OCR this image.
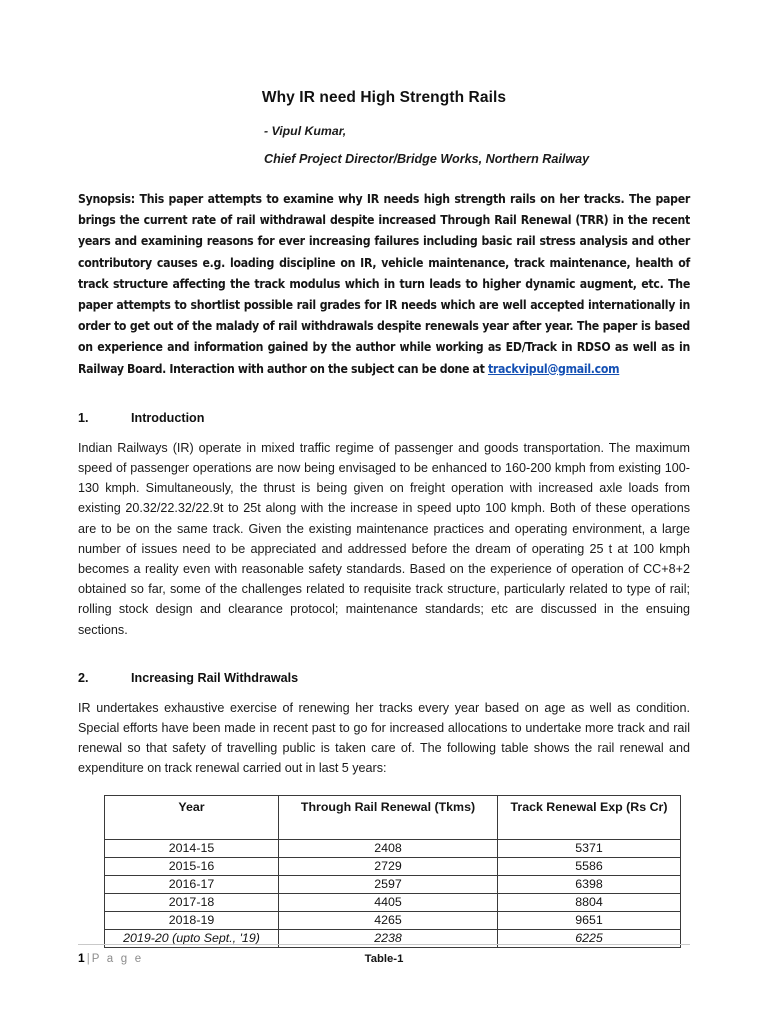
Why IR need High Strength Rails

- Vipul Kumar,

Chief Project Director/Bridge Works, Northern Railway

Synopsis: This paper attempts to examine why IR needs high strength rails on her tracks. The paper brings the current rate of rail withdrawal despite increased Through Rail Renewal (TRR) in the recent years and examining reasons for ever increasing failures including basic rail stress analysis and other contributory causes e.g. loading discipline on IR, vehicle maintenance, track maintenance, health of track structure affecting the track modulus which in turn leads to higher dynamic augment, etc. The paper attempts to shortlist possible rail grades for IR needs which are well accepted internationally in order to get out of the malady of rail withdrawals despite renewals year after year. The paper is based on experience and information gained by the author while working as ED/Track in RDSO as well as in Railway Board. Interaction with author on the subject can be done at trackvipul@gmail.com

1.	Introduction

Indian Railways (IR) operate in mixed traffic regime of passenger and goods transportation. The maximum speed of passenger operations are now being envisaged to be enhanced to 160-200 kmph from existing 100-130 kmph. Simultaneously, the thrust is being given on freight operation with increased axle loads from existing 20.32/22.32/22.9t to 25t along with the increase in speed upto 100 kmph. Both of these operations are to be on the same track. Given the existing maintenance practices and operating environment, a large number of issues need to be appreciated and addressed before the dream of operating 25 t at 100 kmph becomes a reality even with reasonable safety standards. Based on the experience of operation of CC+8+2 obtained so far, some of the challenges related to requisite track structure, particularly related to type of rail; rolling stock design and clearance protocol; maintenance standards; etc are discussed in the ensuing sections.

2.	Increasing Rail Withdrawals

IR undertakes exhaustive exercise of renewing her tracks every year based on age as well as condition. Special efforts have been made in recent past to go for increased allocations to undertake more track and rail renewal so that safety of travelling public is taken care of. The following table shows the rail renewal and expenditure on track renewal carried out in last 5 years:

Year	Through Rail Renewal (Tkms)	Track Renewal Exp (Rs Cr)
2014-15	2408	5371
2015-16	2729	5586
2016-17	2597	6398
2017-18	4405	8804
2018-19	4265	9651
2019-20 (upto Sept., '19)	2238	6225
Table-1
1 | P a g e
